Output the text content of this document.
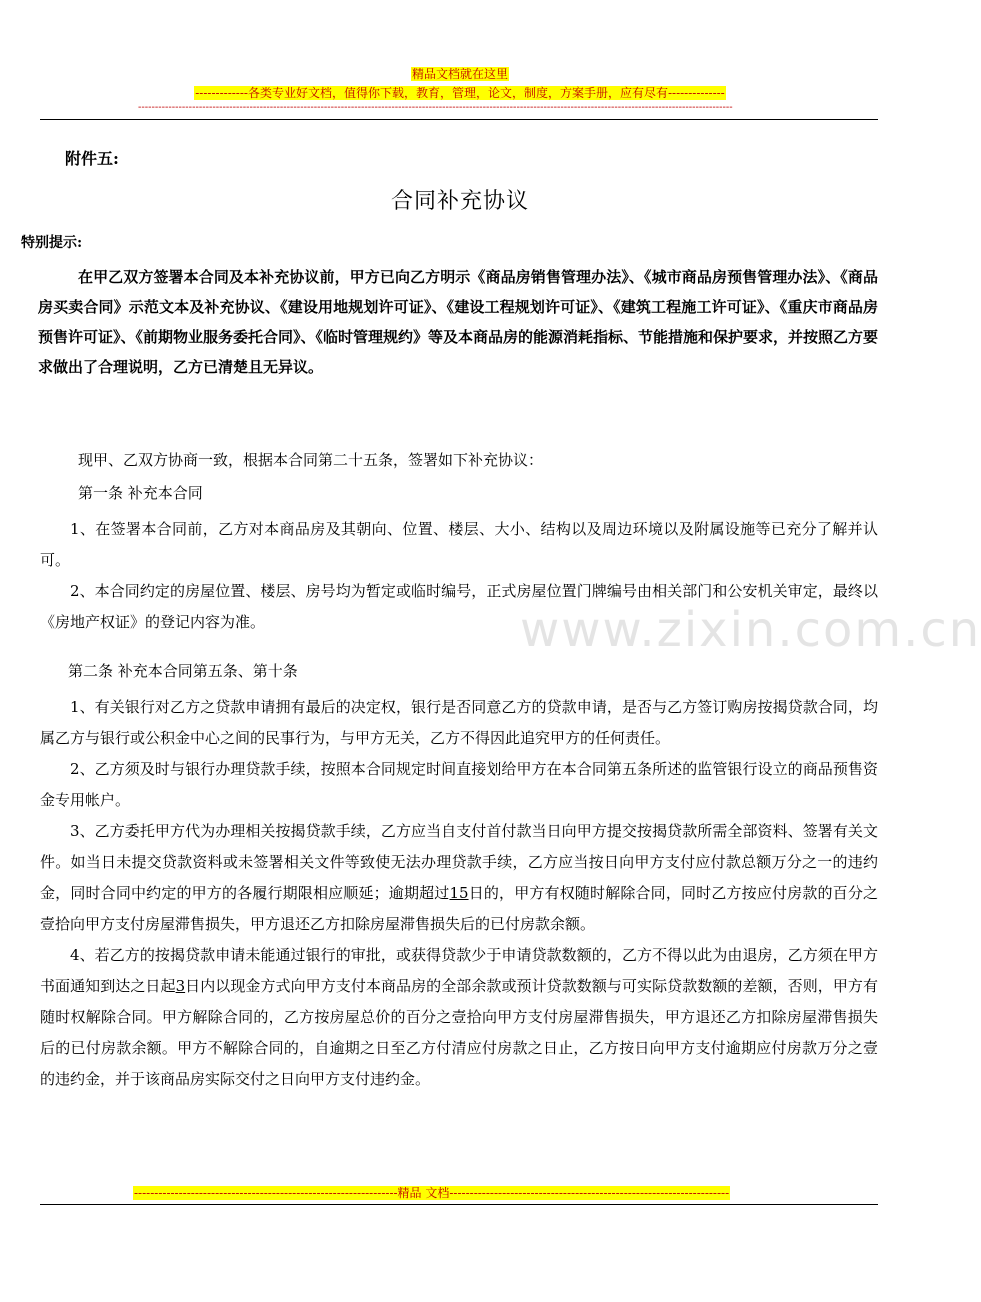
精品文档就在这里
-------------各类专业好文档，值得你下载，教育，管理，论文，制度，方案手册，应有尽有--------------
--------------------------------------------------------------------------------------------------------------------------------------------------------------------------------
附件五:
合同补充协议
特别提示:
在甲乙双方签署本合同及本补充协议前，甲方已向乙方明示《商品房销售管理办法》、《城市商品房预售管理办法》、《商品房买卖合同》示范文本及补充协议、《建设用地规划许可证》、《建设工程规划许可证》、《建筑工程施工许可证》、《重庆市商品房预售许可证》、《前期物业服务委托合同》、《临时管理规约》等及本商品房的能源消耗指标、节能措施和保护要求，并按照乙方要求做出了合理说明，乙方已清楚且无异议。
现甲、乙双方协商一致，根据本合同第二十五条，签署如下补充协议：
第一条 补充本合同

1、在签署本合同前，乙方对本商品房及其朝向、位置、楼层、大小、结构以及周边环境以及附属设施等已充分了解并认可。

2、本合同约定的房屋位置、楼层、房号均为暂定或临时编号，正式房屋位置门牌编号由相关部门和公安机关审定，最终以《房地产权证》的登记内容为准。	www.zixin.com.cn
第二条 补充本合同第五条、第十条

1、有关银行对乙方之贷款申请拥有最后的决定权，银行是否同意乙方的贷款申请，是否与乙方签订购房按揭贷款合同，均属乙方与银行或公积金中心之间的民事行为，与甲方无关，乙方不得因此追究甲方的任何责任。

2、乙方须及时与银行办理贷款手续，按照本合同规定时间直接划给甲方在本合同第五条所述的监管银行设立的商品预售资金专用帐户。

3、乙方委托甲方代为办理相关按揭贷款手续，乙方应当自支付首付款当日向甲方提交按揭贷款所需全部资料、签署有关文件。如当日未提交贷款资料或未签署相关文件等致使无法办理贷款手续，乙方应当按日向甲方支付应付款总额万分之一的违约金，同时合同中约定的甲方的各履行期限相应顺延；逾期超过15日的，甲方有权随时解除合同，同时乙方按应付房款的百分之壹拾向甲方支付房屋滞售损失，甲方退还乙方扣除房屋滞售损失后的已付房款余额。

4、若乙方的按揭贷款申请未能通过银行的审批，或获得贷款少于申请贷款数额的，乙方不得以此为由退房，乙方须在甲方书面通知到达之日起3日内以现金方式向甲方支付本商品房的全部余款或预计贷款数额与可实际贷款数额的差额，否则，甲方有随时权解除合同。甲方解除合同的，乙方按房屋总价的百分之壹拾向甲方支付房屋滞售损失，甲方退还乙方扣除房屋滞售损失后的已付房款余额。甲方不解除合同的，自逾期之日至乙方付清应付房款之日止，乙方按日向甲方支付逾期应付房款万分之壹的违约金，并于该商品房实际交付之日向甲方支付违约金。

-----------------------------------------------------------------精品 文档---------------------------------------------------------------------
